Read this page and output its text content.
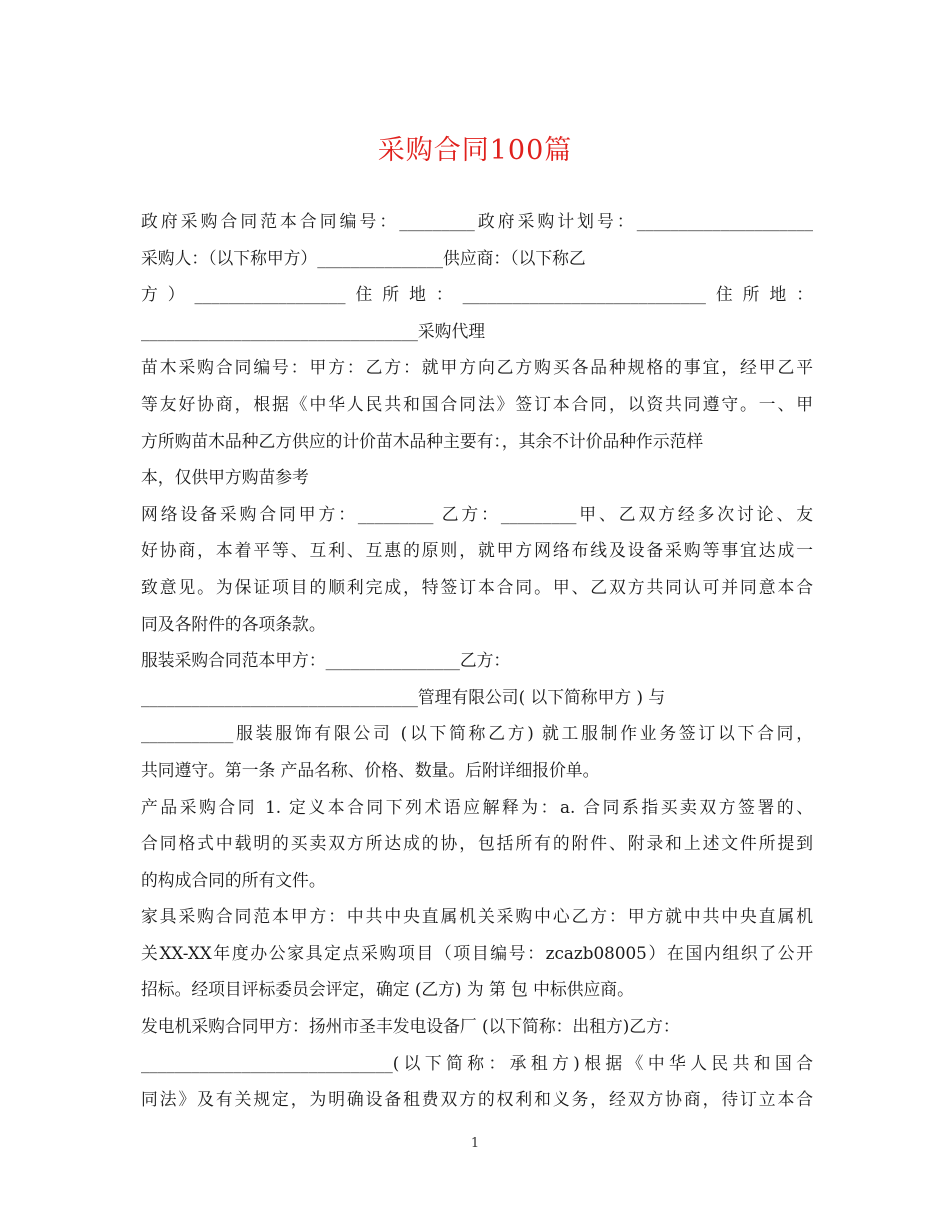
采购合同100篇
政府采购合同范本合同编号：_________政府采购计划号：_____________________
采购人：（以下称甲方）_______________供应商：（以下称乙
方）__________________住所地：_____________________________住所地：
_________________________________采购代理
苗木采购合同编号：甲方：乙方：就甲方向乙方购买各品种规格的事宜，经甲乙平
等友好协商，根据《中华人民共和国合同法》签订本合同，以资共同遵守。一、甲
方所购苗木品种乙方供应的计价苗木品种主要有：，其余不计价品种作示范样
本，仅供甲方购苗参考
网络设备采购合同甲方：_________ 乙方：_________甲、乙双方经多次讨论、友
好协商，本着平等、互利、互惠的原则，就甲方网络布线及设备采购等事宜达成一
致意见。为保证项目的顺利完成，特签订本合同。甲、乙双方共同认可并同意本合
同及各附件的各项条款。
服装采购合同范本甲方：________________乙方：
_________________________________管理有限公司( 以下简称甲方 ) 与
___________服装服饰有限公司 (以下简称乙方) 就工服制作业务签订以下合同，
共同遵守。第一条 产品名称、价格、数量。后附详细报价单。
产品采购合同 1. 定义本合同下列术语应解释为：a. 合同系指买卖双方签署的、
合同格式中载明的买卖双方所达成的协，包括所有的附件、附录和上述文件所提到
的构成合同的所有文件。
家具采购合同范本甲方：中共中央直属机关采购中心乙方：甲方就中共中央直属机
关XX-XX年度办公家具定点采购项目（项目编号：zcazb08005）在国内组织了公开
招标。经项目评标委员会评定，确定 (乙方) 为 第 包 中标供应商。
发电机采购合同甲方：扬州市圣丰发电设备厂 (以下简称：出租方)乙方：
______________________________(以下简称：承租方)根据《中华人民共和国合
同法》及有关规定，为明确设备租费双方的权利和义务，经双方协商，待订立本合
1
